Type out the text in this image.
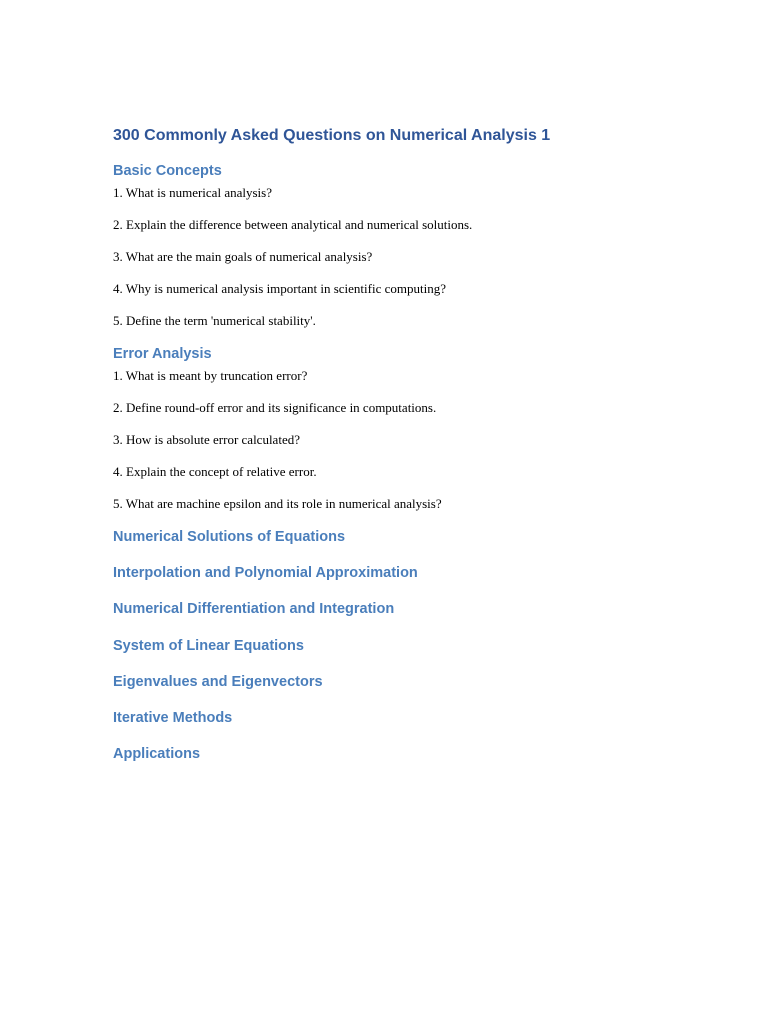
300 Commonly Asked Questions on Numerical Analysis 1
Basic Concepts

1. What is numerical analysis?

2. Explain the difference between analytical and numerical solutions.

3. What are the main goals of numerical analysis?

4. Why is numerical analysis important in scientific computing?

5. Define the term 'numerical stability'.

Error Analysis

1. What is meant by truncation error?

2. Define round-off error and its significance in computations.

3. How is absolute error calculated?

4. Explain the concept of relative error.

5. What are machine epsilon and its role in numerical analysis?

Numerical Solutions of Equations
Interpolation and Polynomial Approximation
Numerical Differentiation and Integration
System of Linear Equations
Eigenvalues and Eigenvectors
Iterative Methods
Applications
